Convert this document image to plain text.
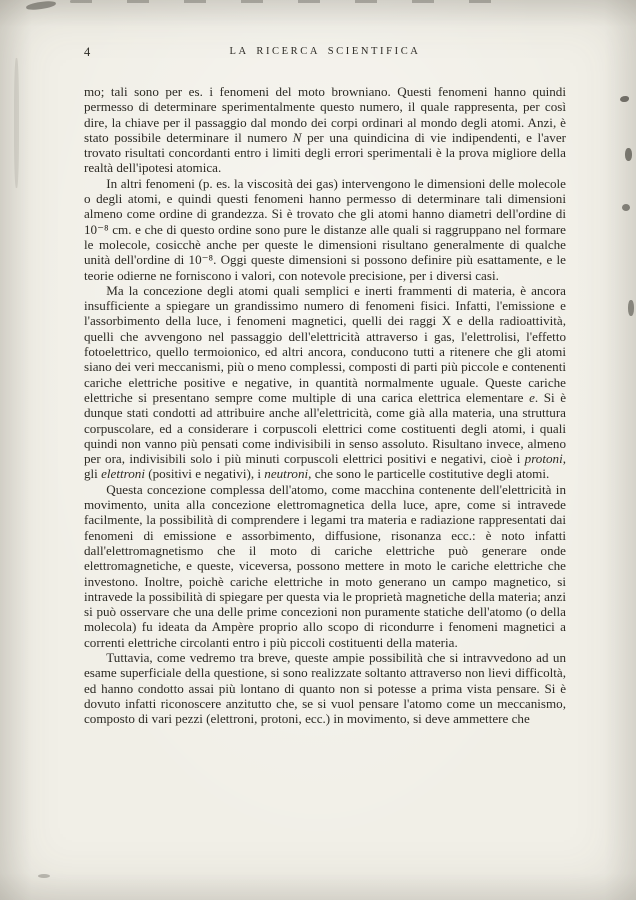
4	LA RICERCA SCIENTIFICA

mo; tali sono per es. i fenomeni del moto browniano. Questi fenomeni hanno quindi permesso di determinare sperimentalmente questo numero, il quale rappresenta, per così dire, la chiave per il passaggio dal mondo dei corpi ordinari al mondo degli atomi. Anzi, è stato possibile determinare il numero N per una quindicina di vie indipendenti, e l'aver trovato risultati concordanti entro i limiti degli errori sperimentali è la prova migliore della realtà dell'ipotesi atomica.

In altri fenomeni (p. es. la viscosità dei gas) intervengono le dimensioni delle molecole o degli atomi, e quindi questi fenomeni hanno permesso di determinare tali dimensioni almeno come ordine di grandezza. Si è trovato che gli atomi hanno diametri dell'ordine di 10⁻⁸ cm. e che di questo ordine sono pure le distanze alle quali si raggruppano nel formare le molecole, cosicchè anche per queste le dimensioni risultano generalmente di qualche unità dell'ordine di 10⁻⁸. Oggi queste dimensioni si possono definire più esattamente, e le teorie odierne ne forniscono i valori, con notevole precisione, per i diversi casi.

Ma la concezione degli atomi quali semplici e inerti frammenti di materia, è ancora insufficiente a spiegare un grandissimo numero di fenomeni fisici. Infatti, l'emissione e l'assorbimento della luce, i fenomeni magnetici, quelli dei raggi X e della radioattività, quelli che avvengono nel passaggio dell'elettricità attraverso i gas, l'elettrolisi, l'effetto fotoelettrico, quello termoionico, ed altri ancora, conducono tutti a ritenere che gli atomi siano dei veri meccanismi, più o meno complessi, composti di parti più piccole e contenenti cariche elettriche positive e negative, in quantità normalmente uguale. Queste cariche elettriche si presentano sempre come multiple di una carica elettrica elementare e. Si è dunque stati condotti ad attribuire anche all'elettricità, come già alla materia, una struttura corpuscolare, ed a considerare i corpuscoli elettrici come costituenti degli atomi, i quali quindi non vanno più pensati come indivisibili in senso assoluto. Risultano invece, almeno per ora, indivisibili solo i più minuti corpuscoli elettrici positivi e negativi, cioè i protoni, gli elettroni (positivi e negativi), i neutroni, che sono le particelle costitutive degli atomi.

Questa concezione complessa dell'atomo, come macchina contenente dell'elettricità in movimento, unita alla concezione elettromagnetica della luce, apre, come si intravede facilmente, la possibilità di comprendere i legami tra materia e radiazione rappresentati dai fenomeni di emissione e assorbimento, diffusione, risonanza ecc.: è noto infatti dall'elettromagnetismo che il moto di cariche elettriche può generare onde elettromagnetiche, e queste, viceversa, possono mettere in moto le cariche elettriche che investono. Inoltre, poichè cariche elettriche in moto generano un campo magnetico, si intravede la possibilità di spiegare per questa via le proprietà magnetiche della materia; anzi si può osservare che una delle prime concezioni non puramente statiche dell'atomo (o della molecola) fu ideata da Ampère proprio allo scopo di ricondurre i fenomeni magnetici a correnti elettriche circolanti entro i più piccoli costituenti della materia.

Tuttavia, come vedremo tra breve, queste ampie possibilità che si intravvedono ad un esame superficiale della questione, si sono realizzate soltanto attraverso non lievi difficoltà, ed hanno condotto assai più lontano di quanto non si potesse a prima vista pensare. Si è dovuto infatti riconoscere anzitutto che, se si vuol pensare l'atomo come un meccanismo, composto di vari pezzi (elettroni, protoni, ecc.) in movimento, si deve ammettere che
